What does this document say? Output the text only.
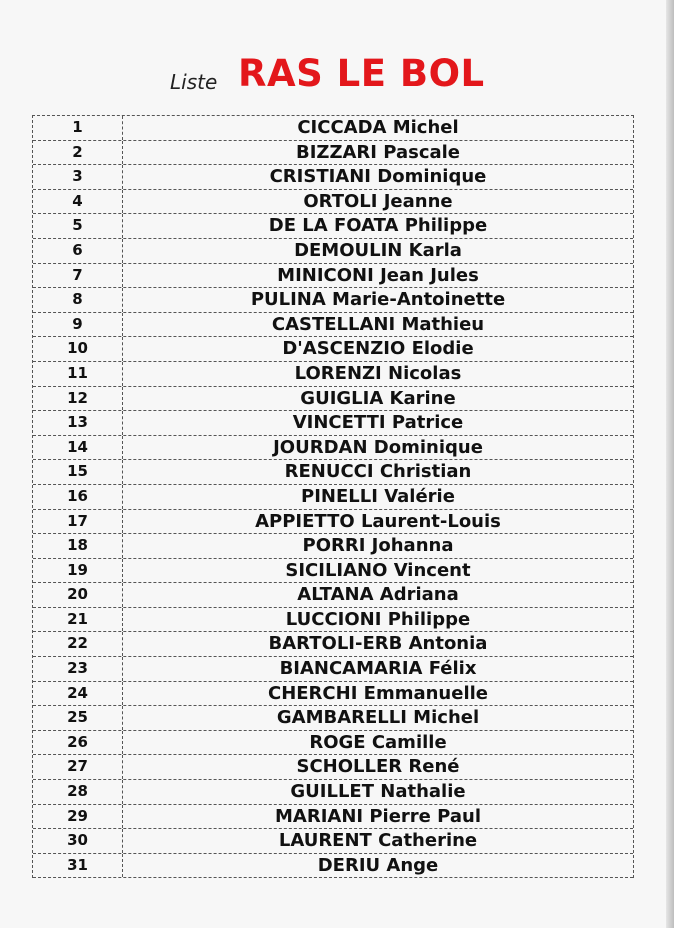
Liste RAS LE BOL
1	CICCADA Michel
2	BIZZARI Pascale
3	CRISTIANI Dominique
4	ORTOLI Jeanne
5	DE LA FOATA Philippe
6	DEMOULIN Karla
7	MINICONI Jean Jules
8	PULINA Marie-Antoinette
9	CASTELLANI Mathieu
10	D'ASCENZIO Elodie
11	LORENZI Nicolas
12	GUIGLIA Karine
13	VINCETTI Patrice
14	JOURDAN Dominique
15	RENUCCI Christian
16	PINELLI Valérie
17	APPIETTO Laurent-Louis
18	PORRI Johanna
19	SICILIANO Vincent
20	ALTANA Adriana
21	LUCCIONI Philippe
22	BARTOLI-ERB Antonia
23	BIANCAMARIA Félix
24	CHERCHI Emmanuelle
25	GAMBARELLI Michel
26	ROGE Camille
27	SCHOLLER René
28	GUILLET Nathalie
29	MARIANI Pierre Paul
30	LAURENT Catherine
31	DERIU Ange
